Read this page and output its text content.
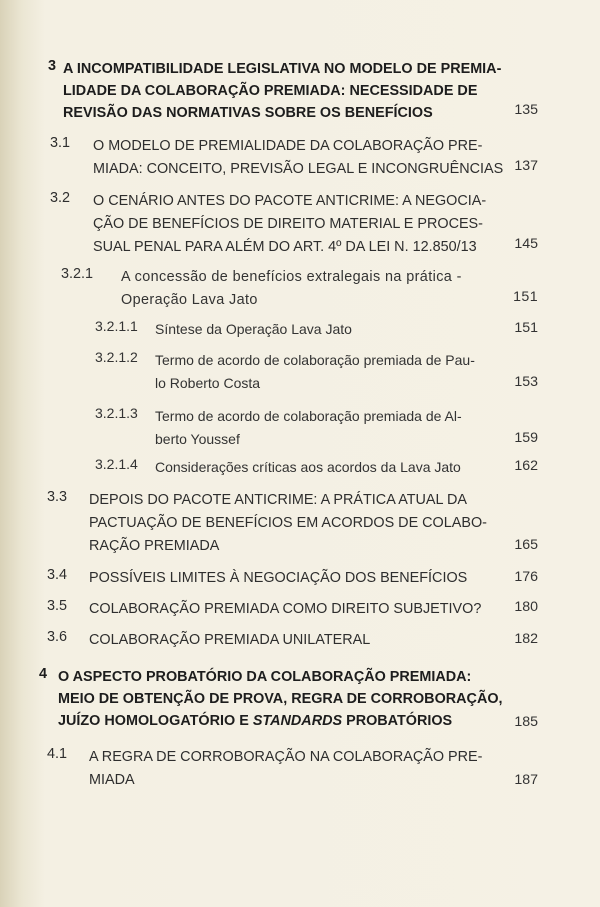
3 A INCOMPATIBILIDADE LEGISLATIVA NO MODELO DE PREMIA-
LIDADE DA COLABORAÇÃO PREMIADA: NECESSIDADE DE
REVISÃO DAS NORMATIVAS SOBRE OS BENEFÍCIOS	135
3.1 O MODELO DE PREMIALIDADE DA COLABORAÇÃO PRE-
MIADA: CONCEITO, PREVISÃO LEGAL E INCONGRUÊNCIAS 137
3.2 O CENÁRIO ANTES DO PACOTE ANTICRIME: A NEGOCIA-
ÇÃO DE BENEFÍCIOS DE DIREITO MATERIAL E PROCES-
SUAL PENAL PARA ALÉM DO ART. 4º DA LEI N. 12.850/13	145
3.2.1 A concessão de benefícios extralegais na prática -
Operação Lava Jato	151
3.2.1.1 Síntese da Operação Lava Jato	151
3.2.1.2 Termo de acordo de colaboração premiada de Pau-
lo Roberto Costa	153
3.2.1.3 Termo de acordo de colaboração premiada de Al-
berto Youssef	159
3.2.1.4 Considerações críticas aos acordos da Lava Jato	162
3.3 DEPOIS DO PACOTE ANTICRIME: A PRÁTICA ATUAL DA
PACTUAÇÃO DE BENEFÍCIOS EM ACORDOS DE COLABO-
RAÇÃO PREMIADA	165
3.4 POSSÍVEIS LIMITES À NEGOCIAÇÃO DOS BENEFÍCIOS	176
3.5 COLABORAÇÃO PREMIADA COMO DIREITO SUBJETIVO?	180
3.6 COLABORAÇÃO PREMIADA UNILATERAL	182
4 O ASPECTO PROBATÓRIO DA COLABORAÇÃO PREMIADA:
MEIO DE OBTENÇÃO DE PROVA, REGRA DE CORROBORAÇÃO,
JUÍZO HOMOLOGATÓRIO E STANDARDS PROBATÓRIOS	185
4.1 A REGRA DE CORROBORAÇÃO NA COLABORAÇÃO PRE-
MIADA	187
